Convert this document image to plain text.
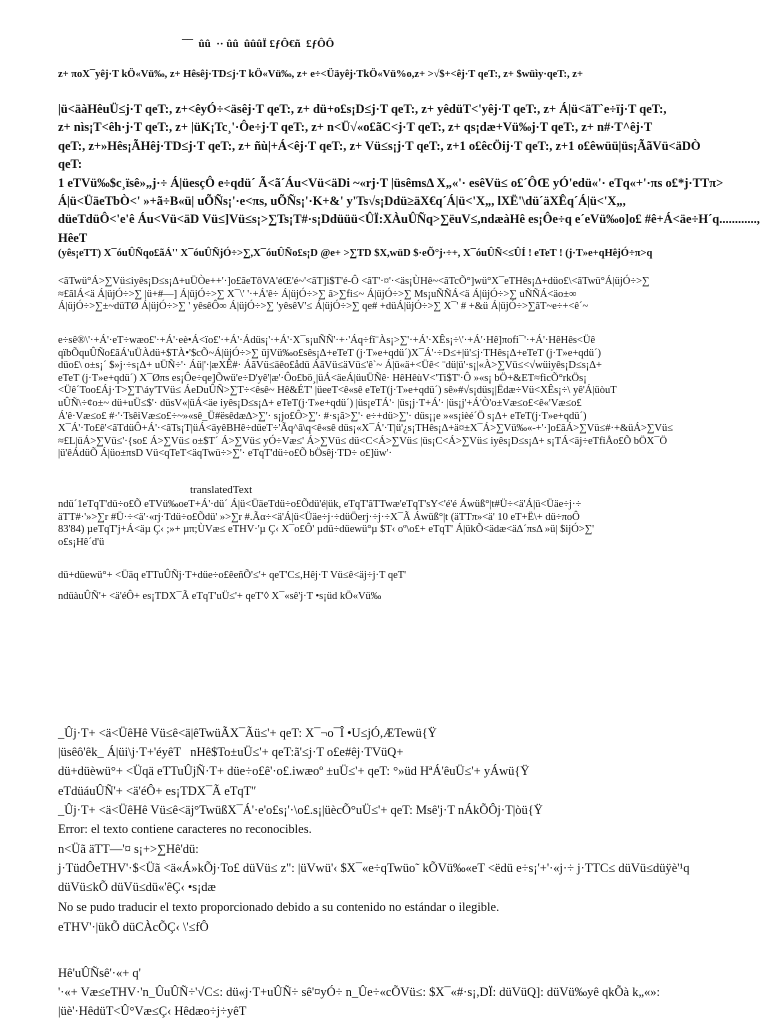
¯¯  ûû  ·· ûû  ûûûÏ £ƒÔ€ñ  £ƒÔÔ
z+ πoX¯yêj·T kÖ«Vü‰, z+ Hêsêj·TD≤j·T kÖ«Vü‰, z+ e÷<Üäyêj·TkÖ«Vü%o,z+ >√$+<êj·T qeT:, z+ $wüìy·qeT:, z+
|ü<äàHêuÜ≤j·T qeT:, z+<êyÓ÷<äsêj·T qeT:, z+ dü+o£s¡D≤j·T qeT:, z+ yêdüT<'yêj·T qeT:, z+ Á|ü<äT`e÷ïj·T qeT:,
z+ nìs¡T<êh·j·T qeT:, z+ |üK¡Tc¸'·Ôe÷j·T qeT:, z+ n<Ü√«o£ãC<j·T qeT:, z+ qs¡dæ+Vü‰j·T qeT:, z+ n#·T^êj·T
qeT:, z+»Hês¡ÃHêj·TD≤j·T qeT:, z+ ñù|+Á<êj·T qeT:, z+ Vü≤s¡j·T qeT:, z+1 o£êcÖij·T qeT:, z+1 o£êwüü|üs¡ÃãVü<äDÒ
qeT:
1 eTVü‰$c¸ïsê»„j·÷ Á|üesçÔ e÷qdü´ Ã<ã´Áu<Vü<äDi ~«rj·T |üsêmsΔ X„«'· esêVü≤ o£´ÔŒ yÓ'edü«'· eTq«+'·πs o£*j·TTπ>
Á|ü<ÜäeTbÒ<' »+ã÷B«ü| uÕÑs¡'·e<πs, uÕÑs¡'·K+&' y'Ts√s¡Ddü≥äX€q´Á|ü<'X„, lXË'\dü´äXÊq´Á|ü<'X„,
düeTdüÔ<'e'ê Áu<Vü<äD Vü≤]Vü≤s¡>∑Ts¡T#·s¡Ddüüü<ÛÏ:XÀuÛÑq>∑ëuV≤,ndæàHê es¡Ôe÷q e´eVü‰o]o£ #ê+Á<äe÷H´q............, HêeT
(yês¡eTT) X¯óuÛÑqo£ãÁ'' X¯óuÛÑjÓ÷>∑,X¯óuÛÑo£s¡D @e+ >∑TD $X,wüD $·eÕ°j·÷+, X¯óuÛÑ<≤ÛÍ ! eTeT ! (j·T»e+qHêjÓ÷π>q
<ãTwü°Á>∑Vü≤iyês¡D≤s¡Δ+uÜÒe++'·]o£ãeTôVA'éŒ'é~'<ãT]i$T'é-Ô <ãT'·¤'·<äs¡ÙHê~<ãTcÕ°]wü°X¯eTHês¡Δ+düo£\<ãTwü°Á|üjÓ÷>∑
≈£ãlÁ<ä Á|üjÓ÷>∑ |ü+#—] Á|üjÓ÷>∑ X¯\' '·+Á'ê÷ Á|üjÓ÷>∑ ã>∑fi≤~ Á|üjÓ÷>∑ Ms¡uÑÑÁ<ä Á|üjÓ÷>∑ uÑÑÁ<äo±∞
Á|üjÓ÷>∑±~düTØ Á|üjÓ÷>∑ ' yêsêÔ∞ Á|üjÓ÷>∑ 'yêsêV'≤ Á|üjÓ÷>∑ qe# +düÁ|üjÓ÷>∑ X¯' # +&ü Á|üjÓ÷>∑ãT~e÷+<ê´~
e÷sê®\'·+Á'·eT÷wæo£'·+Á'·eè•Á<ïo£'·+Á'·Ádüs¡'·+Á'·X¯s¡uÑÑ'·+·'Áq÷fî¨Às¡>∑'·+Á'·XÊs¡÷\'·+Á'·Hê]πofi¯'·+Á'·HêHês<Üê
qïbÕquÛÑo£ãÁ'uÜÀdü+$TÀ•'$cÕ~Á|üjÓ÷>∑ üjVü‰o£sês¡Δ+eTeT (j·T»e+qdü´)X¯Á'·÷D≤+|ü'≤j·THês¡Δ+eTeT (j·T»e+qdü´)
düo£\ o±s¡´ $»j·÷s¡Δ+ uÜÑ÷'· Áü|'·|æXÊ#· ÁãVü≤äêo£ådü ÁãVü≤äVü≤'ê`~ Á|ü«ä+<Üê< ¨dü|ü'·s¡|«À>∑Vü≤<√wüiyês¡D≤s¡Δ+
eTeT (j·T»e+qdü´) X¯Øπs es¡Ôe÷qe]Õwü'e÷D'yê'|æ'·Ôo£bö¸|üÁ<äeÁ|üuÜÑê· HêHêùV<'Ti$T'·Ô »«s¡ bÖ+&ET≈ficÕ°rkÖs¡
<Üê´Too£Áj·T>∑T\áy'TVü≤ ÁeDuÛÑ>∑T÷<êsê~ Hê&ÉT' |üeeT<ê«sê eTeT(j·T»e+qdü´) sê»#√s¡düs¡|Ëdæ÷Vü<XÊs¡÷\ yê'Á|üòuT
uÛÑ\÷¢o±~ dü+uÜ≤$'· düsV«|üÁ<äe iyês¡D≤s¡Δ+ eTeT(j·T»e+qdü´) |üs¡eTÁ'· |üs¡j·T+Á'· |üs¡j'+Á'Ò'o±Væ≤o£<ê«'Væ≤o£
Á'ê·Væ≤o£ #·'·TsêiVæ≤o£÷~»«sê_Ü#ësêdæ∆>∑'· s¡jo£Ô>∑'· #·s¡ã>∑'· e÷+dü>∑'· düs¡¡e »«s¡ièé´Ö s¡Δ+ eTeT(j·T»e+qdü´)
X¯Á'·To£ê'<ãTdüÔ+Á'·<ãTs¡T|üÁ<äyêBHê÷düeT÷'Ãq^ã\q<ê«sê düs¡«X¯Á'·T|ü'¿s¡THês¡Δ+ä¤±X¯Á>∑Vü‰«-+'·]o£ãÁ>∑Vü≤#·+&üÁ>∑Vü≤
≈£L|üÁ>∑Vü≤'·{so£ Á>∑Vü≤ o±$T´ Á>∑Vü≤ yÓ÷Væ≤' Á>∑Vü≤ dü<C<Á>∑Vü≤ |üs¡C<Á>∑Vü≤ iyês¡D≤s¡Δ+ s¡TÁ<äj÷eTfiÅo£Õ bÖX¯Ö
|ü'êÁdüÕ Á|üo±πsD Vü<qTeT<äqTwü÷>∑'· eTqT'dü÷o£Õ bÖsêj·TD÷ o£]üw'·
translatedText
ndü´1eTqT'dü÷o£Õ eTVü‰oeT+Á'·dü´ Á|ü<ÜäeTdü÷o£Õdü'é|ük, eTqT'ãTTwæ'eTqT'sY<'é'é Áwüß°|t#Ü÷<ä'Á|ü<Üäe÷j·÷
äTT#·'»>∑r #Ü·÷<ä'·«rj·Tdü÷o£Õdü' »>∑r #.Ãα÷<ä'Á|ü<Üäe÷j·÷düÖerj·÷j·÷X¯Ã Áwüß°|t (äTTπ»<ä' 10 eT+Ë\+ dü÷πoÔ
83'84) µeTqT'j+Á<äµ Ç‹ ;»+ µπ;ÙVæ≤ eTHV·'µ Ç‹ X¯o£Ô' µdü÷düewü°µ $T‹ oº\o£+ eTqT' Á|ükÕ<ädæ<ä∆´πsΔ »ü| $ijÓ>∑'
o£s¡Hê´d'ü
dü+düewü°+ <Üäq eTTuÛÑj·T+düe÷o£êeñÕ'≤'+ qeT'C≤,Hêj·T Vü≤ê<äj÷j·T qeT'
ndüàuÛÑ'+ <ä'éÔ+ es¡TDX¯Ã eTqT'uÜ≤'+ qeT'◊ X¯«sê'j·T •s¡üd kÖ«Vü‰
_Ûj·T+ <ä<ÜêHê Vü≤ê<ä|êTwüÃX¯Ãü≤'+ qeT: X¯¬o¯Î •U≤jÓ,ÆTewü{Ÿ
|üsêô'êk_ Á|üi\j·T+'éyêT   nHê$To±uÜ≤'+ qeT:ã'≤j·T o£e#êj·TVüQ+
dü+düèwü°+ <Üqä eTTuÛjÑ·T+ düe÷o£ê'·o£.iwæoº ±uÜ≤'+ qeT: °»üd HªÁ'êuÜ≤'+ yÁwü{Ÿ
eTdüáuÛÑ'+ <ä'éÔ+ es¡TDX¯Ã eTqT'ʹ
_Ûj·T+ <ä<ÜêHê Vü≤ê<äj°TwüßX¯Á'·e'o£s¡'·\o£.s¡|üècÕ°uÜ≤'+ qeT: Msê'j·T nÁkÕÔj·T|òü{Ÿ
Error: el texto contiene caracteres no reconocibles.
n<Üã äTT—'¤ s¡+>∑Hê'dü:
j·TüdÔeTHV'·$<Üã <ä«Á»kÕj·To£ düVü≤ z": |üVwü'‹ $X¯«e÷qTwüo˜ kÕVü‰«eT <ëdü e÷s¡'+'·«j·÷ j·TTC≤ düVü≤düÿè'¹q
düVü≤kÕ düVü≤dü«'êÇ‹ •s¡dæ
No se pudo traducir el texto proporcionado debido a su contenido no estándar o ilegible.
eTHV'·|ükÕ düCÀcÕÇ‹ \'≤fÔ
Hê'uÛÑsê'·«+ q'
'·«+ Væ≤eTHV·'n_ÛuÛÑ÷'√C≤: dü«j·T+uÛÑ÷ sê'¤yÓ÷ n_Ûe÷«cÕVü≤: $X¯«#·s¡,DÏ: düVüQ]: düVü‰yê qkÕà k„«»:
|üè'·HêdüT<Û°Væ≤Ç‹ Hêdæo÷j÷yêT
